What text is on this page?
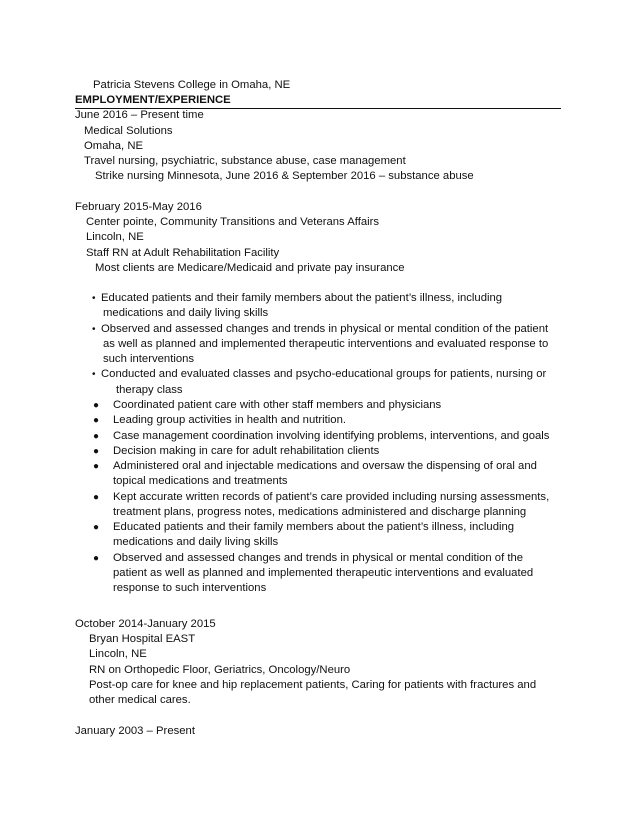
Patricia Stevens College in Omaha, NE
EMPLOYMENT/EXPERIENCE
June 2016 – Present time
Medical Solutions
Omaha, NE
Travel nursing, psychiatric, substance abuse, case management
Strike nursing Minnesota, June 2016 & September 2016 – substance abuse
February 2015-May 2016
Center pointe, Community Transitions and Veterans Affairs
Lincoln, NE
Staff RN at Adult Rehabilitation Facility
Most clients are Medicare/Medicaid and private pay insurance
• Educated patients and their family members about the patient’s illness, including
medications and daily living skills
• Observed and assessed changes and trends in physical or mental condition of the patient
as well as planned and implemented therapeutic interventions and evaluated response to
such interventions
• Conducted and evaluated classes and psycho-educational groups for patients, nursing or
therapy class
● Coordinated patient care with other staff members and physicians
● Leading group activities in health and nutrition.
● Case management coordination involving identifying problems, interventions, and goals
● Decision making in care for adult rehabilitation clients
● Administered oral and injectable medications and oversaw the dispensing of oral and
topical medications and treatments
● Kept accurate written records of patient’s care provided including nursing assessments,
treatment plans, progress notes, medications administered and discharge planning
● Educated patients and their family members about the patient’s illness, including
medications and daily living skills
● Observed and assessed changes and trends in physical or mental condition of the
patient as well as planned and implemented therapeutic interventions and evaluated
response to such interventions
October 2014-January 2015
Bryan Hospital EAST
Lincoln, NE
RN on Orthopedic Floor, Geriatrics, Oncology/Neuro
Post-op care for knee and hip replacement patients, Caring for patients with fractures and
other medical cares.
January 2003 – Present
